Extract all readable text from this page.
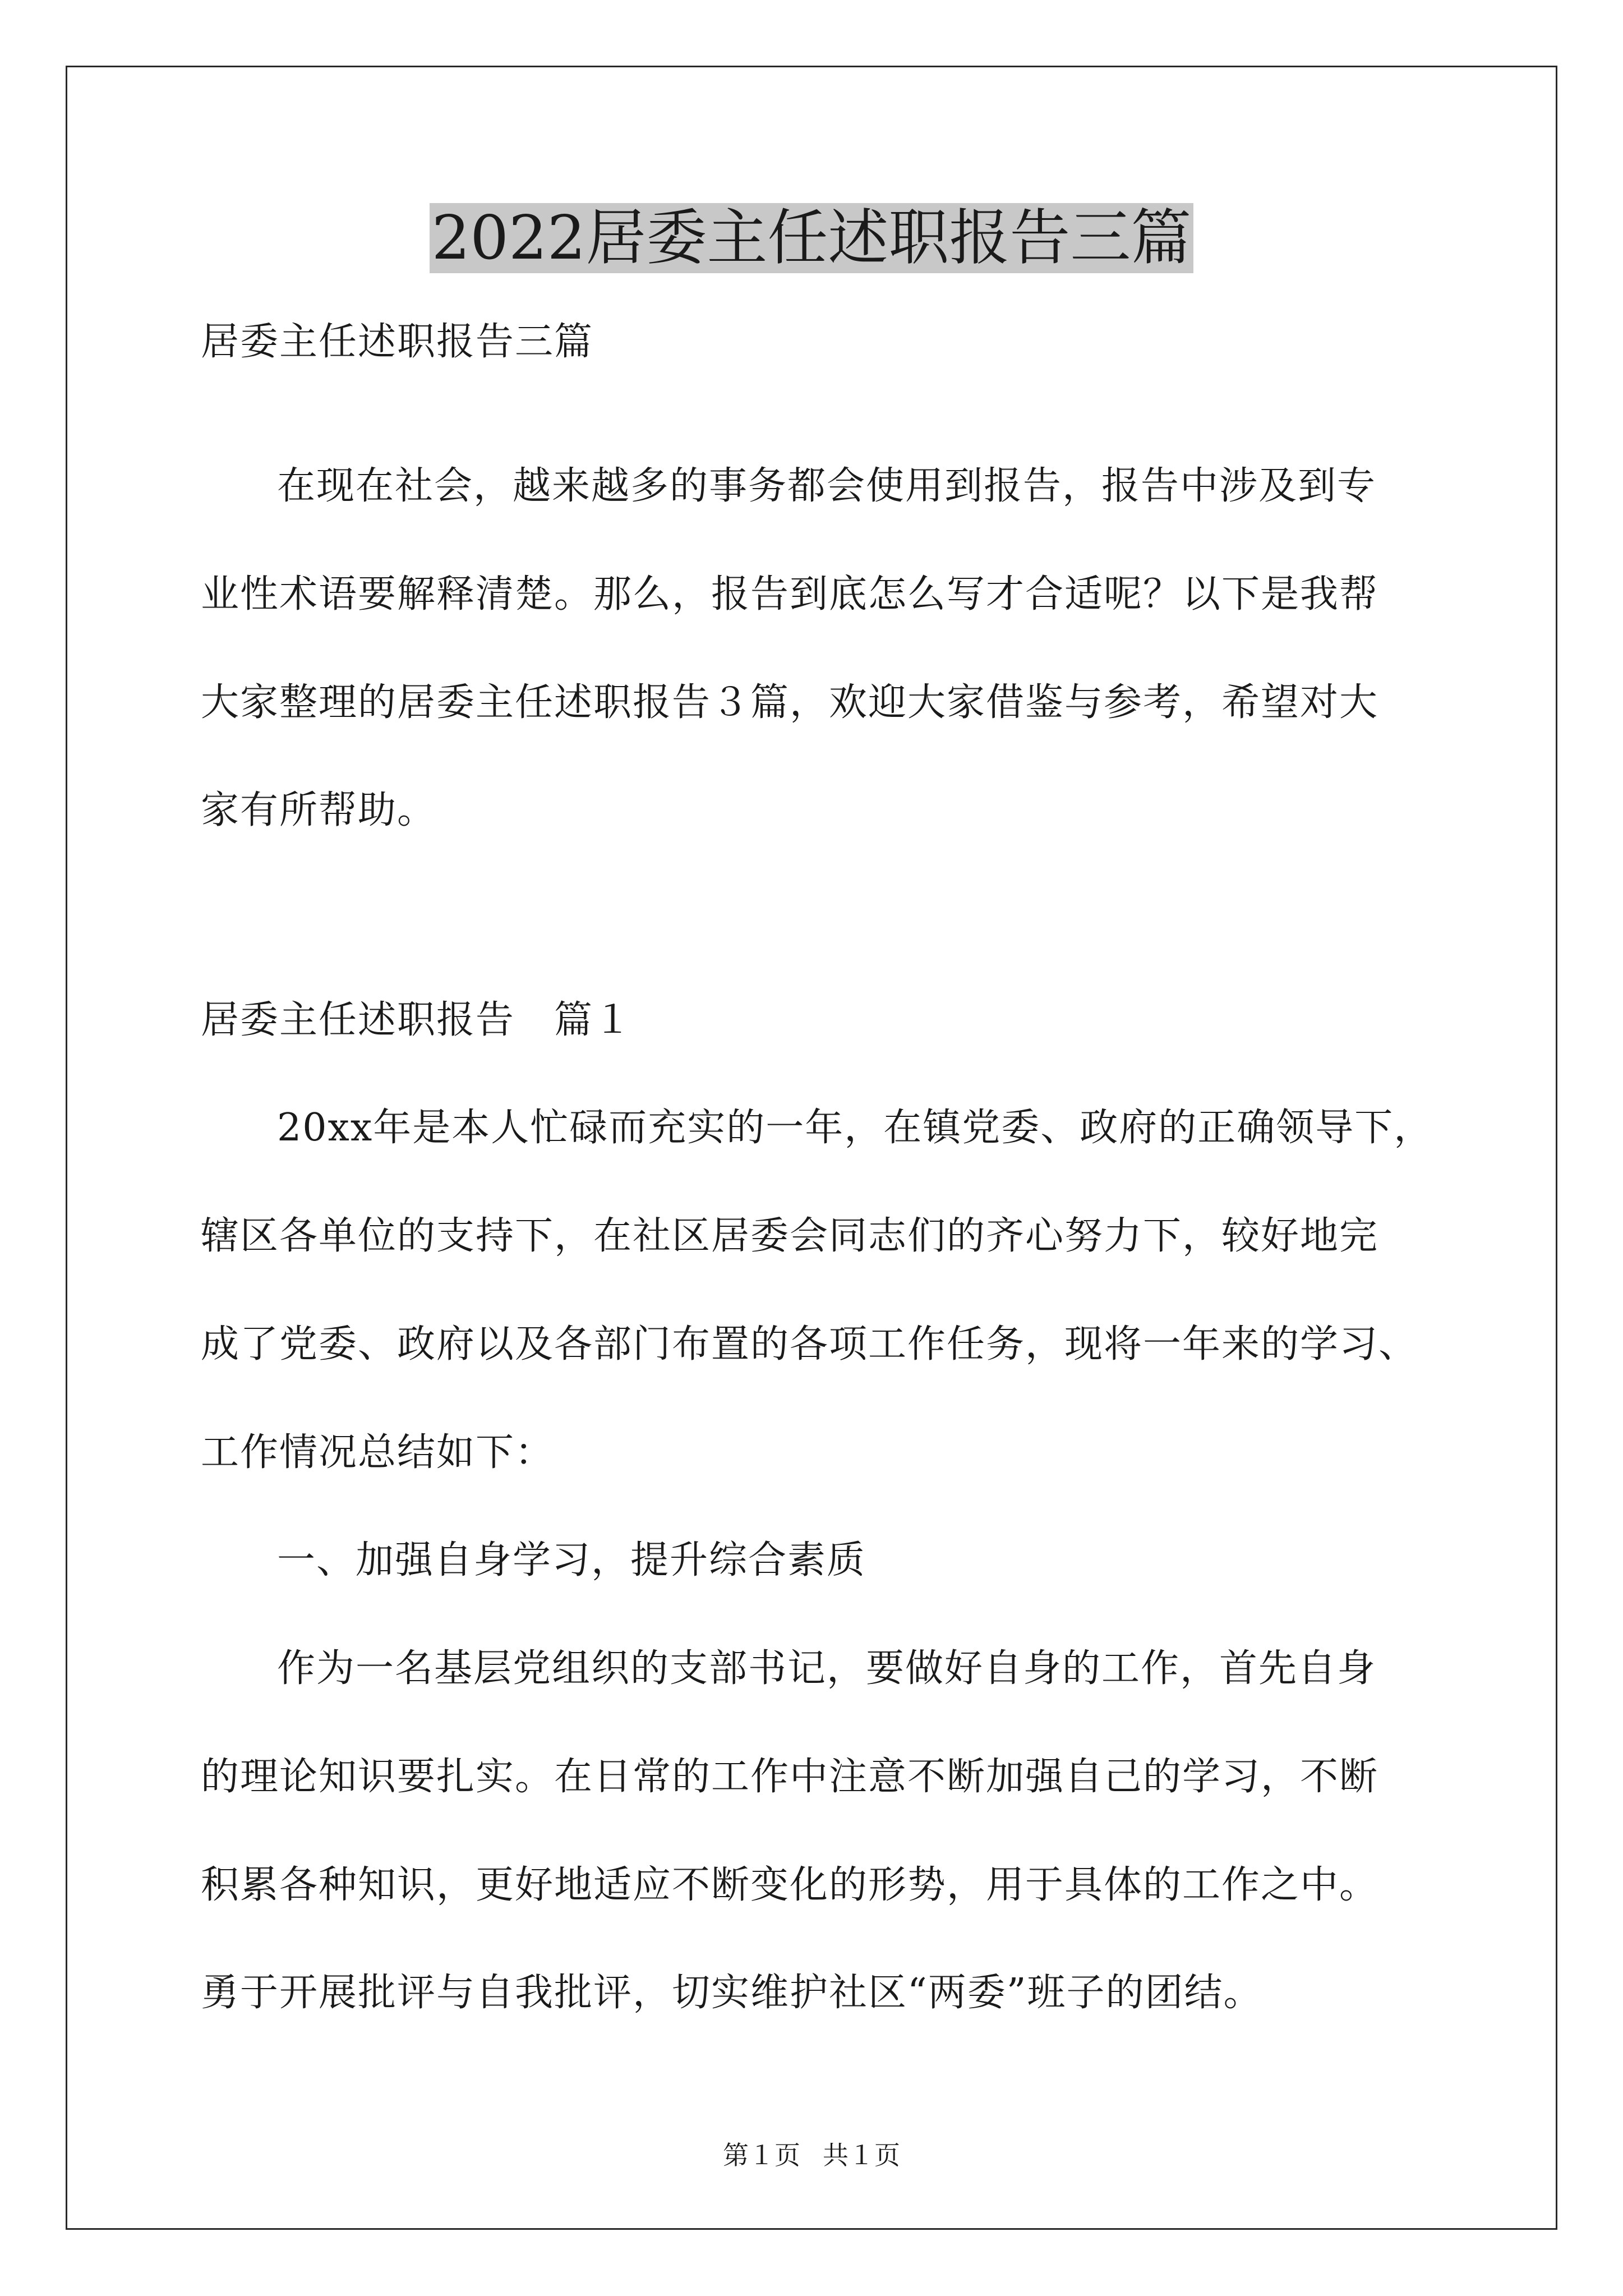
2022居委主任述职报告三篇

居委主任述职报告三篇

在现在社会，越来越多的事务都会使用到报告，报告中涉及到专

业性术语要解释清楚。那么，报告到底怎么写才合适呢？以下是我帮

大家整理的居委主任述职报告３篇，欢迎大家借鉴与参考，希望对大

家有所帮助。

居委主任述职报告　篇１

20xx年是本人忙碌而充实的一年，在镇党委、政府的正确领导下，

辖区各单位的支持下，在社区居委会同志们的齐心努力下，较好地完

成了党委、政府以及各部门布置的各项工作任务，现将一年来的学习、

工作情况总结如下：

一、加强自身学习，提升综合素质

作为一名基层党组织的支部书记，要做好自身的工作，首先自身

的理论知识要扎实。在日常的工作中注意不断加强自己的学习，不断

积累各种知识，更好地适应不断变化的形势，用于具体的工作之中。

勇于开展批评与自我批评，切实维护社区“两委”班子的团结。

第１页 共１页
